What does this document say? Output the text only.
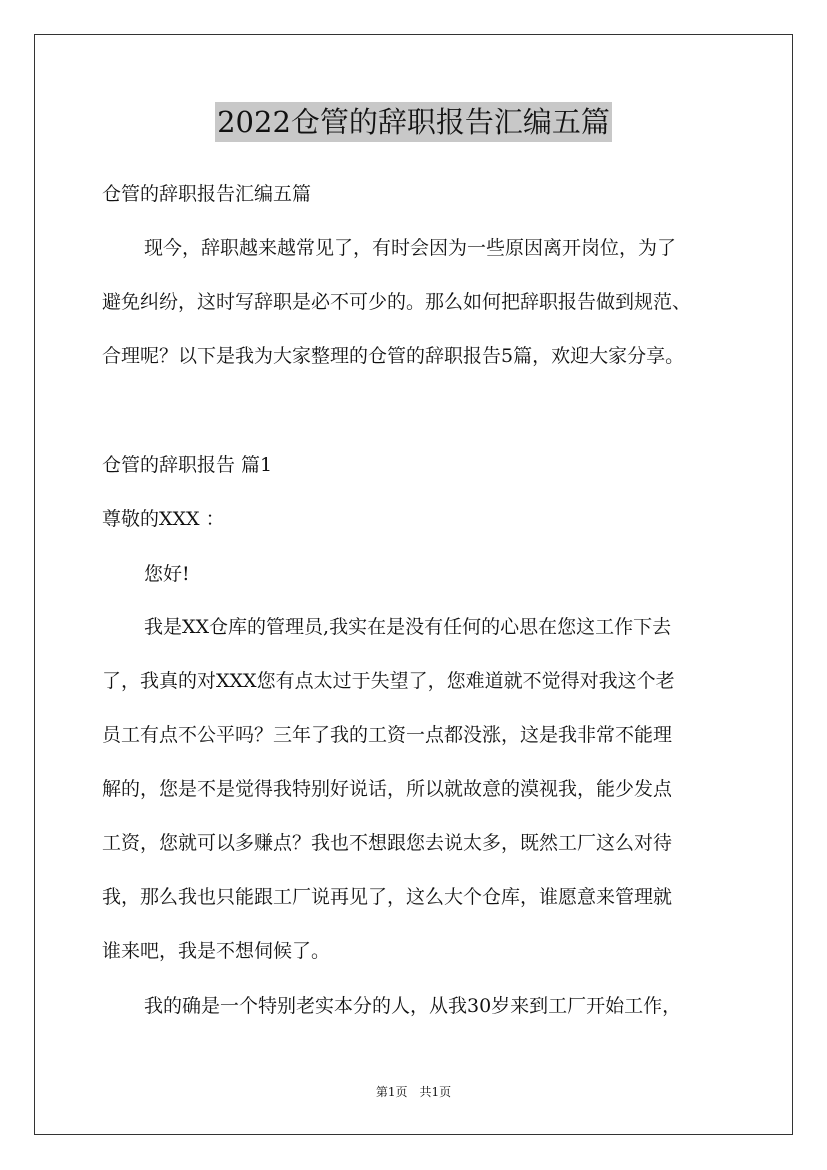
2022仓管的辞职报告汇编五篇
仓管的辞职报告汇编五篇
现今，辞职越来越常见了，有时会因为一些原因离开岗位，为了
避免纠纷，这时写辞职是必不可少的。那么如何把辞职报告做到规范、
合理呢？以下是我为大家整理的仓管的辞职报告5篇，欢迎大家分享。
仓管的辞职报告 篇1
尊敬的XXX ：
您好!
我是XX仓库的管理员,我实在是没有任何的心思在您这工作下去
了，我真的对XXX您有点太过于失望了，您难道就不觉得对我这个老
员工有点不公平吗？三年了我的工资一点都没涨，这是我非常不能理
解的，您是不是觉得我特别好说话，所以就故意的漠视我，能少发点
工资，您就可以多赚点？我也不想跟您去说太多，既然工厂这么对待
我，那么我也只能跟工厂说再见了，这么大个仓库，谁愿意来管理就
谁来吧，我是不想伺候了。
我的确是一个特别老实本分的人，从我30岁来到工厂开始工作，
第1页　共1页
